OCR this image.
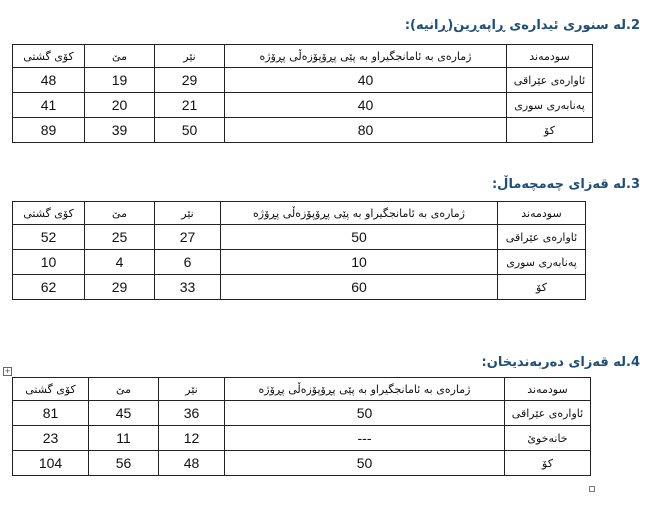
2.لە سنوری ئیدارەی ڕاپەڕین(ڕانیە):
سودمەند	ژمارەی بە ئامانجگیراو بە پێی پڕۆپۆزەڵی پڕۆژە	نێر	مێ	کۆی گشتی
ئاوارەی عێراقی	40	29	19	48
پەنابەری سوری	40	21	20	41
کۆ	80	50	39	89
3.لە قەزای چەمچەماڵ:
سودمەند	ژمارەی بە ئامانجگیراو بە پێی پڕۆپۆزەڵی پڕۆژە	نێر	مێ	کۆی گشتی
ئاوارەی عێراقی	50	27	25	52
پەنابەری سوری	10	6	4	10
کۆ	60	33	29	62
+
4.لە قەزای دەربەندیخان:
سودمەند	ژمارەی بە ئامانجگیراو بە پێی پڕۆپۆزەڵی پڕۆژە	نێر	مێ	کۆی گشتی
ئاوارەی عێراقی	50	36	45	81
خانەخوێ	---	12	11	23
کۆ	50	48	56	104
